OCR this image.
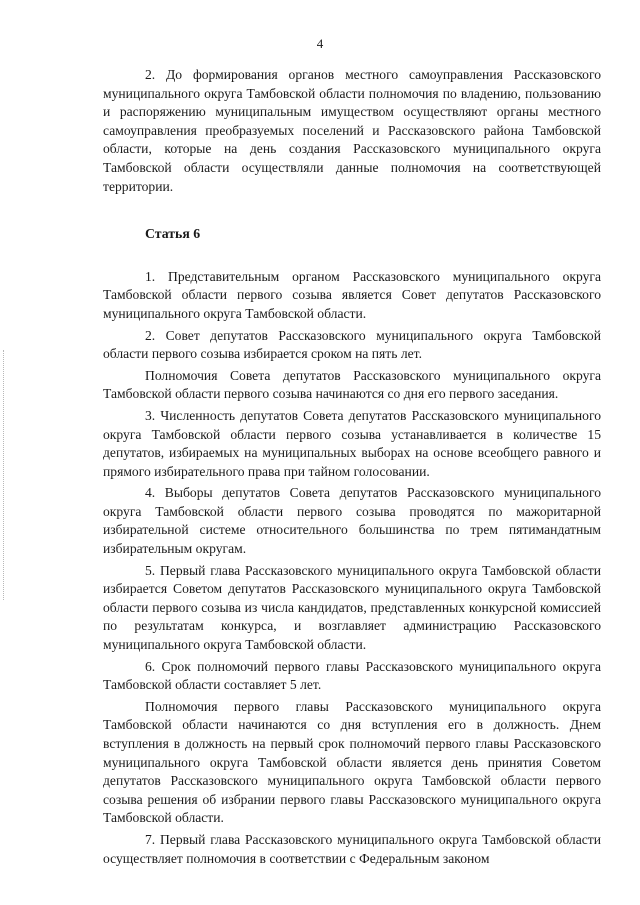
4

2. До формирования органов местного самоуправления Рассказовского муниципального округа Тамбовской области полномочия по владению, пользованию и распоряжению муниципальным имуществом осуществляют органы местного самоуправления преобразуемых поселений и Рассказовского района Тамбовской области, которые на день создания Рассказовского муниципального округа Тамбовской области осуществляли данные полномочия на соответствующей территории.

Статья 6

1. Представительным органом Рассказовского муниципального округа Тамбовской области первого созыва является Совет депутатов Рассказовского муниципального округа Тамбовской области.

2. Совет депутатов Рассказовского муниципального округа Тамбовской области первого созыва избирается сроком на пять лет.

Полномочия Совета депутатов Рассказовского муниципального округа Тамбовской области первого созыва начинаются со дня его первого заседания.

3. Численность депутатов Совета депутатов Рассказовского муниципального округа Тамбовской области первого созыва устанавливается в количестве 15 депутатов, избираемых на муниципальных выборах на основе всеобщего равного и прямого избирательного права при тайном голосовании.

4. Выборы депутатов Совета депутатов Рассказовского муниципального округа Тамбовской области первого созыва проводятся по мажоритарной избирательной системе относительного большинства по трем пятимандатным избирательным округам.

5. Первый глава Рассказовского муниципального округа Тамбовской области избирается Советом депутатов Рассказовского муниципального округа Тамбовской области первого созыва из числа кандидатов, представленных конкурсной комиссией по результатам конкурса, и возглавляет администрацию Рассказовского муниципального округа Тамбовской области.

6. Срок полномочий первого главы Рассказовского муниципального округа Тамбовской области составляет 5 лет.

Полномочия первого главы Рассказовского муниципального округа Тамбовской области начинаются со дня вступления его в должность. Днем вступления в должность на первый срок полномочий первого главы Рассказовского муниципального округа Тамбовской области является день принятия Советом депутатов Рассказовского муниципального округа Тамбовской области первого созыва решения об избрании первого главы Рассказовского муниципального округа Тамбовской области.

7. Первый глава Рассказовского муниципального округа Тамбовской области осуществляет полномочия в соответствии с Федеральным законом
